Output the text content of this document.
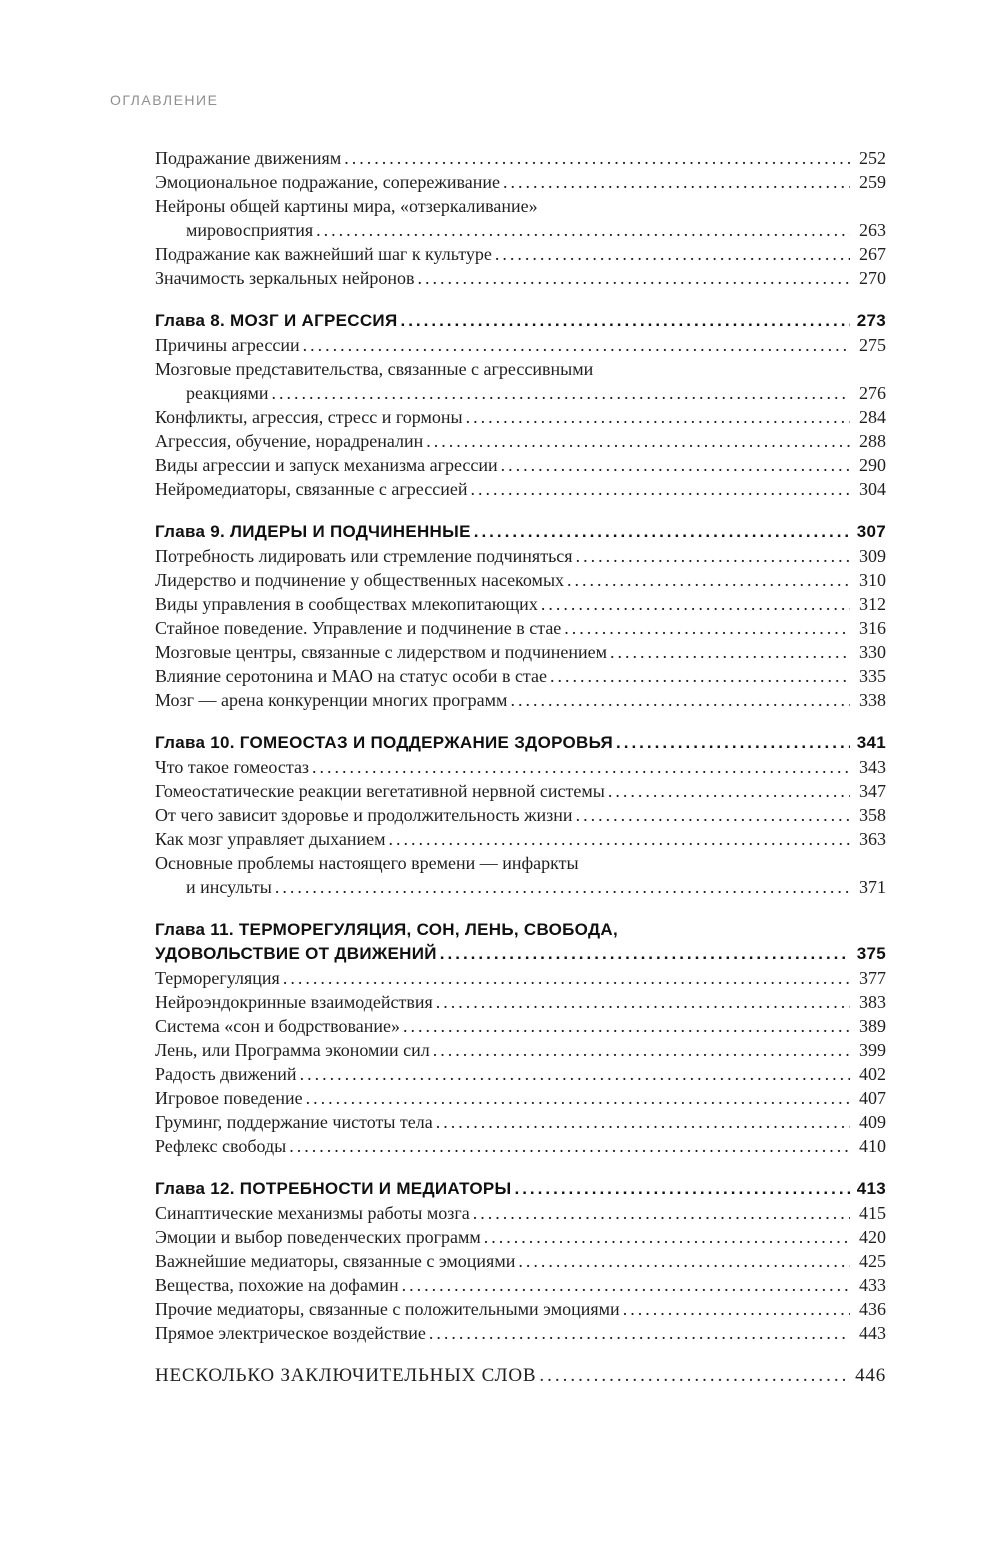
ОГЛАВЛЕНИЕ
Подражание движениям .....	252
Эмоциональное подражание, сопереживание .....	259
Нейроны общей картины мира, «отзеркаливание»
мировосприятия .....	263
Подражание как важнейший шаг к культуре .....	267
Значимость зеркальных нейронов .....	270
Глава 8. МОЗГ И АГРЕССИЯ .....	273
Причины агрессии .....	275
Мозговые представительства, связанные с агрессивными
реакциями .....	276
Конфликты, агрессия, стресс и гормоны .....	284
Агрессия, обучение, норадреналин .....	288
Виды агрессии и запуск механизма агрессии .....	290
Нейромедиаторы, связанные с агрессией .....	304
Глава 9. ЛИДЕРЫ И ПОДЧИНЕННЫЕ .....	307
Потребность лидировать или стремление подчиняться .....	309
Лидерство и подчинение у общественных насекомых .....	310
Виды управления в сообществах млекопитающих .....	312
Стайное поведение. Управление и подчинение в стае .....	316
Мозговые центры, связанные с лидерством и подчинением .....	330
Влияние серотонина и МАО на статус особи в стае .....	335
Мозг — арена конкуренции многих программ .....	338
Глава 10. ГОМЕОСТАЗ И ПОДДЕРЖАНИЕ ЗДОРОВЬЯ .....	341
Что такое гомеостаз .....	343
Гомеостатические реакции вегетативной нервной системы .....	347
От чего зависит здоровье и продолжительность жизни .....	358
Как мозг управляет дыханием .....	363
Основные проблемы настоящего времени — инфаркты
и инсульты .....	371
Глава 11. ТЕРМОРЕГУЛЯЦИЯ, СОН, ЛЕНЬ, СВОБОДА,
УДОВОЛЬСТВИЕ ОТ ДВИЖЕНИЙ .....	375
Терморегуляция .....	377
Нейроэндокринные взаимодействия .....	383
Система «сон и бодрствование» .....	389
Лень, или Программа экономии сил .....	399
Радость движений .....	402
Игровое поведение .....	407
Груминг, поддержание чистоты тела .....	409
Рефлекс свободы .....	410
Глава 12. ПОТРЕБНОСТИ И МЕДИАТОРЫ .....	413
Синаптические механизмы работы мозга .....	415
Эмоции и выбор поведенческих программ .....	420
Важнейшие медиаторы, связанные с эмоциями .....	425
Вещества, похожие на дофамин .....	433
Прочие медиаторы, связанные с положительными эмоциями .....	436
Прямое электрическое воздействие .....	443
НЕСКОЛЬКО ЗАКЛЮЧИТЕЛЬНЫХ СЛОВ .....	446
